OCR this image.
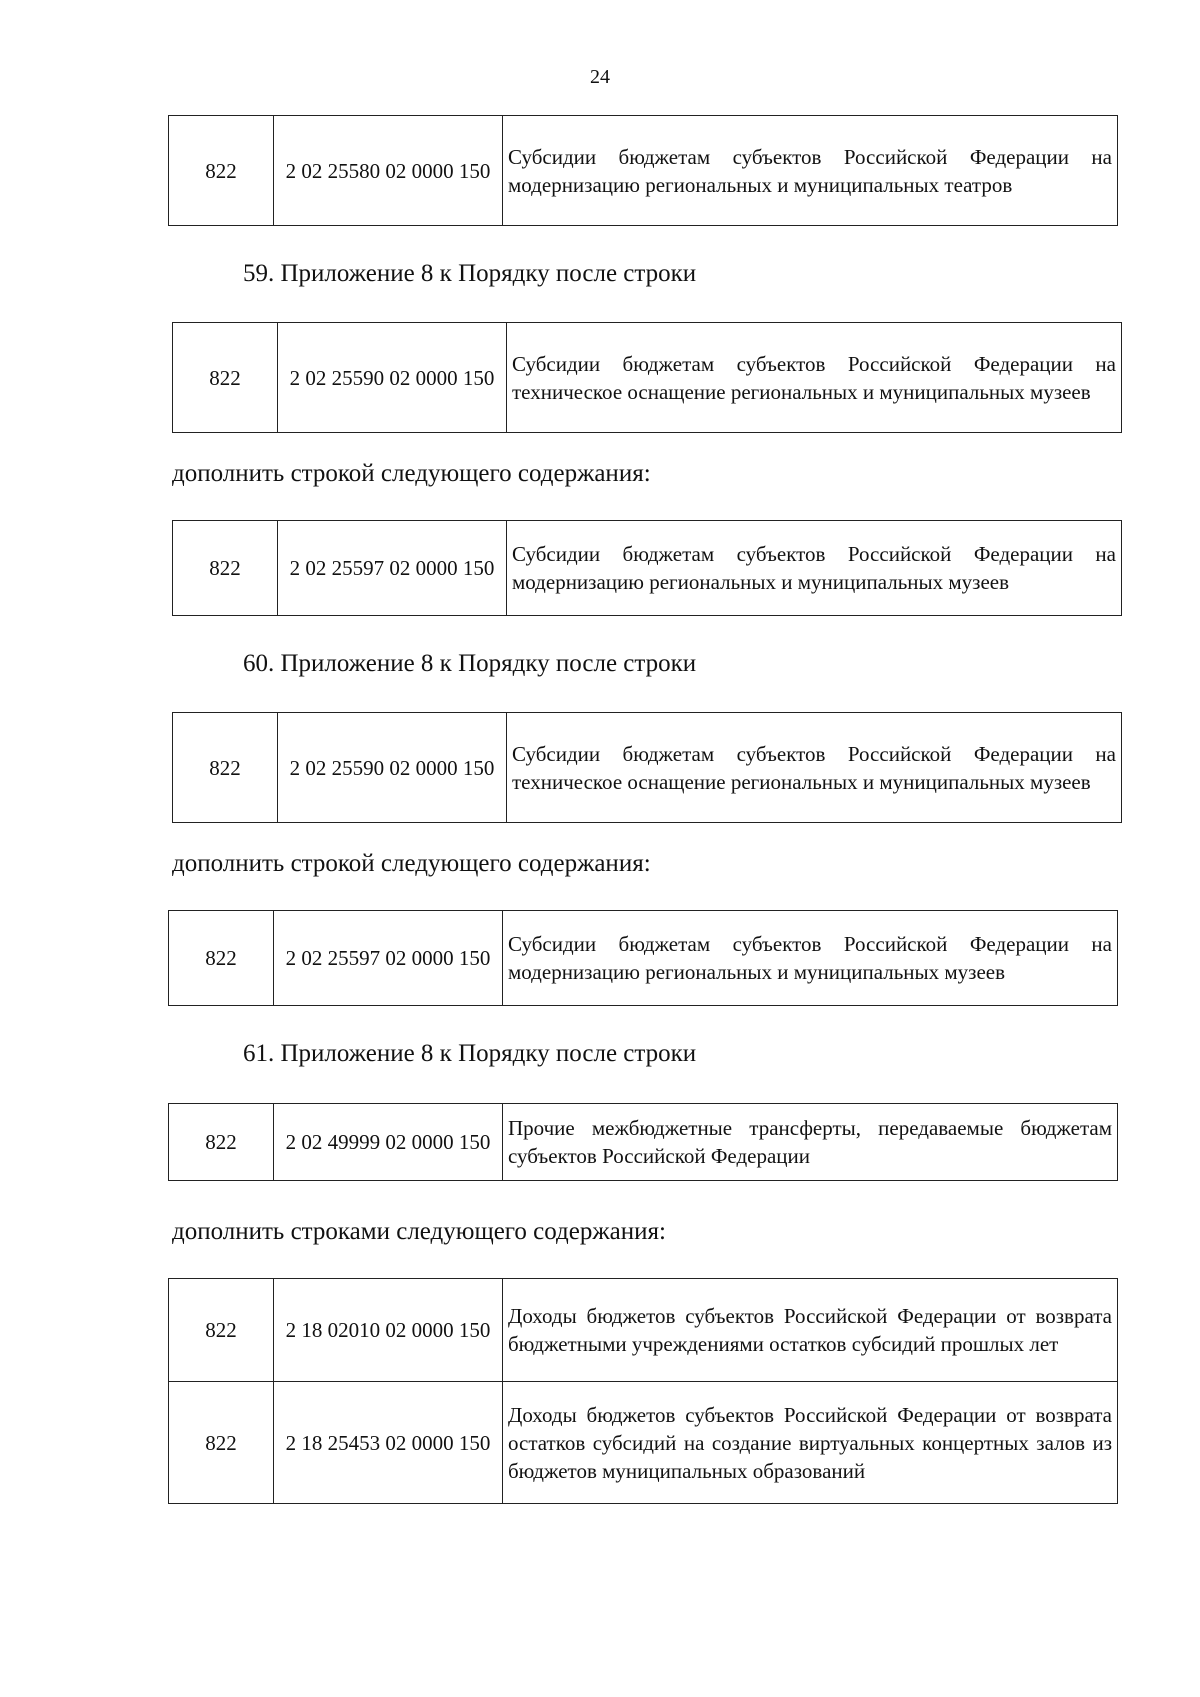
24
822	2 02 25580 02 0000 150	Субсидии бюджетам субъектов Российской Федерации на модернизацию региональных и муниципальных театров
59. Приложение 8 к Порядку после строки
822	2 02 25590 02 0000 150	Субсидии бюджетам субъектов Российской Федерации на техническое оснащение региональных и муниципальных музеев
дополнить строкой следующего содержания:
822	2 02 25597 02 0000 150	Субсидии бюджетам субъектов Российской Федерации на модернизацию региональных и муниципальных музеев
60. Приложение 8 к Порядку после строки
822	2 02 25590 02 0000 150	Субсидии бюджетам субъектов Российской Федерации на техническое оснащение региональных и муниципальных музеев
дополнить строкой следующего содержания:
822	2 02 25597 02 0000 150	Субсидии бюджетам субъектов Российской Федерации на модернизацию региональных и муниципальных музеев
61. Приложение 8 к Порядку после строки
822	2 02 49999 02 0000 150	Прочие межбюджетные трансферты, передаваемые бюджетам субъектов Российской Федерации
дополнить строками следующего содержания:
822	2 18 02010 02 0000 150	Доходы бюджетов субъектов Российской Федерации от возврата бюджетными учреждениями остатков субсидий прошлых лет
822	2 18 25453 02 0000 150	Доходы бюджетов субъектов Российской Федерации от возврата остатков субсидий на создание виртуальных концертных залов из бюджетов муниципальных образований
